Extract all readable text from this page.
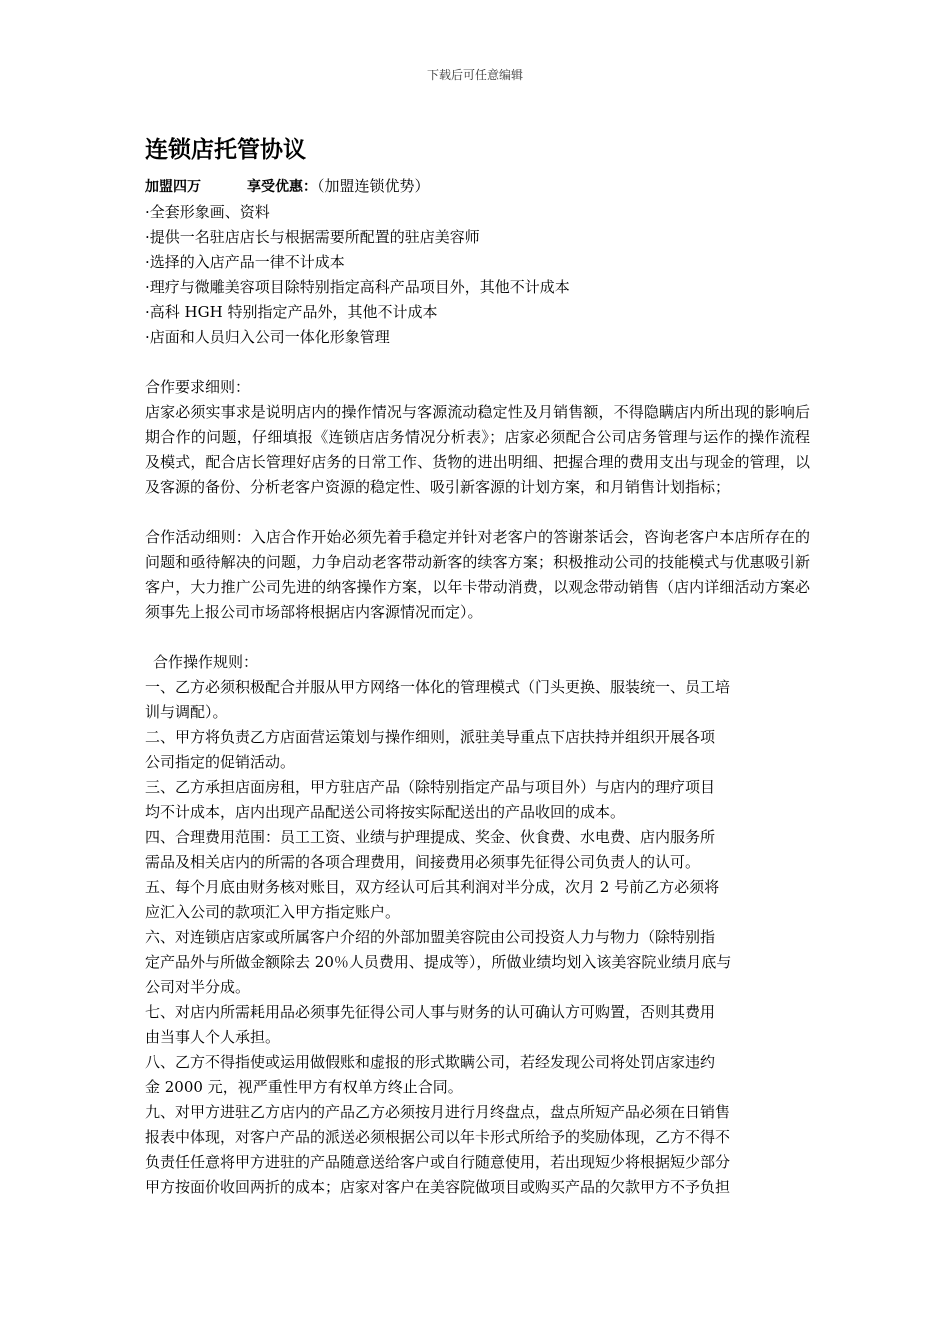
下载后可任意编辑
连锁店托管协议
加盟四万	享受优惠：（加盟连锁优势）
·全套形象画、资料
·提供一名驻店店长与根据需要所配置的驻店美容师
·选择的入店产品一律不计成本
·理疗与微雕美容项目除特别指定高科产品项目外，其他不计成本
·高科 HGH 特别指定产品外，其他不计成本
·店面和人员归入公司一体化形象管理
合作要求细则：
店家必须实事求是说明店内的操作情况与客源流动稳定性及月销售额，不得隐瞒店内所出现的影响后期合作的问题，仔细填报《连锁店店务情况分析表》；店家必须配合公司店务管理与运作的操作流程及模式，配合店长管理好店务的日常工作、货物的进出明细、把握合理的费用支出与现金的管理，以及客源的备份、分析老客户资源的稳定性、吸引新客源的计划方案，和月销售计划指标；
合作活动细则：入店合作开始必须先着手稳定并针对老客户的答谢茶话会，咨询老客户本店所存在的问题和亟待解决的问题，力争启动老客带动新客的续客方案；积极推动公司的技能模式与优惠吸引新客户，大力推广公司先进的纳客操作方案，以年卡带动消费，以观念带动销售（店内详细活动方案必须事先上报公司市场部将根据店内客源情况而定）。
合作操作规则：
一、乙方必须积极配合并服从甲方网络一体化的管理模式（门头更换、服装统一、员工培
训与调配）。
二、甲方将负责乙方店面营运策划与操作细则，派驻美导重点下店扶持并组织开展各项
公司指定的促销活动。
三、乙方承担店面房租，甲方驻店产品（除特别指定产品与项目外）与店内的理疗项目
均不计成本，店内出现产品配送公司将按实际配送出的产品收回的成本。
四、合理费用范围：员工工资、业绩与护理提成、奖金、伙食费、水电费、店内服务所
需品及相关店内的所需的各项合理费用，间接费用必须事先征得公司负责人的认可。
五、每个月底由财务核对账目，双方经认可后其利润对半分成，次月 2 号前乙方必须将
应汇入公司的款项汇入甲方指定账户。
六、对连锁店店家或所属客户介绍的外部加盟美容院由公司投资人力与物力（除特别指
定产品外与所做金额除去 20％人员费用、提成等），所做业绩均划入该美容院业绩月底与
公司对半分成。
七、对店内所需耗用品必须事先征得公司人事与财务的认可确认方可购置，否则其费用
由当事人个人承担。
八、乙方不得指使或运用做假账和虚报的形式欺瞒公司，若经发现公司将处罚店家违约
金 2000 元，视严重性甲方有权单方终止合同。
九、对甲方进驻乙方店内的产品乙方必须按月进行月终盘点，盘点所短产品必须在日销售
报表中体现，对客户产品的派送必须根据公司以年卡形式所给予的奖励体现，乙方不得不
负责任任意将甲方进驻的产品随意送给客户或自行随意使用，若出现短少将根据短少部分
甲方按面价收回两折的成本；店家对客户在美容院做项目或购买产品的欠款甲方不予负担
